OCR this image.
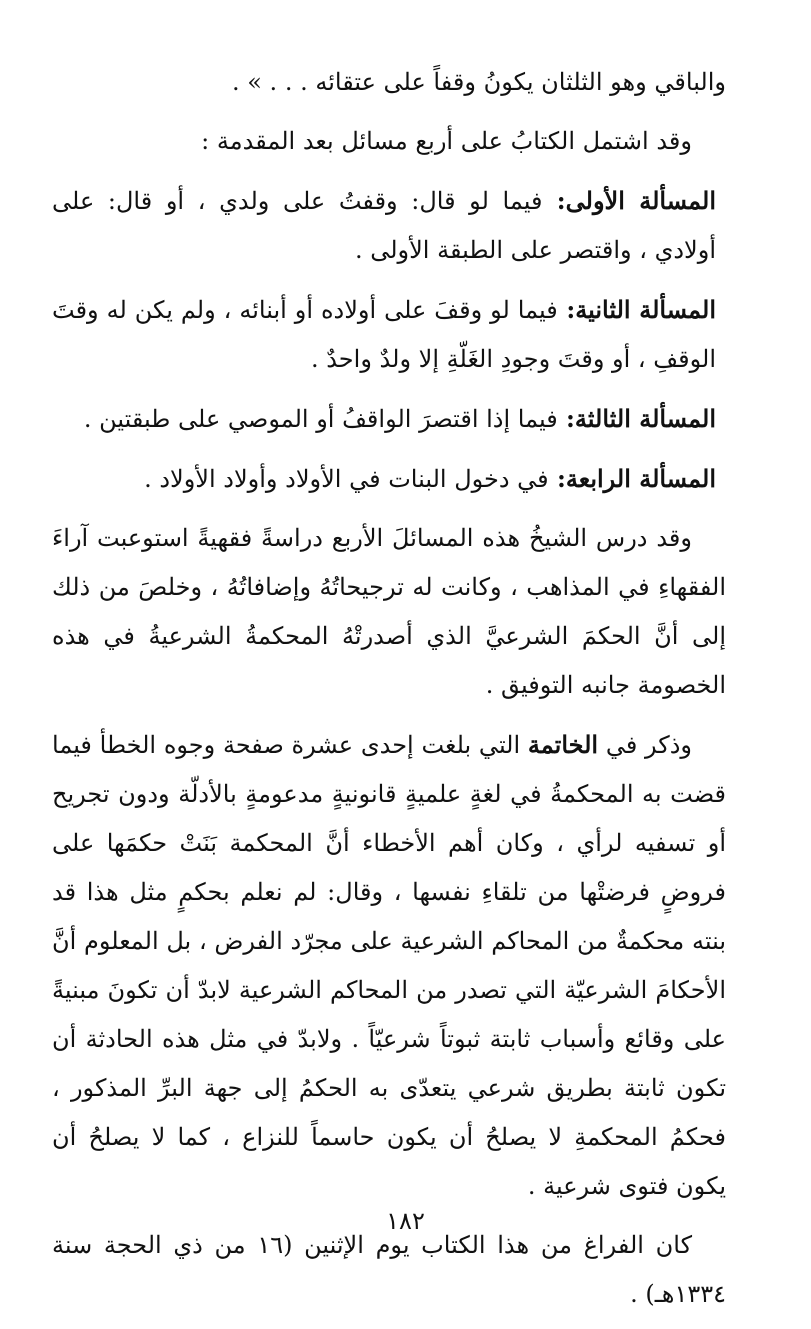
والباقي وهو الثلثان يكونُ وقفاً على عتقائه . . . » .

وقد اشتمل الكتابُ على أربع مسائل بعد المقدمة :

المسألة الأولى: فيما لو قال: وقفتُ على ولدي ، أو قال: على أولادي ، واقتصر على الطبقة الأولى .

المسألة الثانية: فيما لو وقفَ على أولاده أو أبنائه ، ولم يكن له وقتَ الوقفِ ، أو وقتَ وجودِ الغَلّةِ إلا ولدٌ واحدٌ .

المسألة الثالثة: فيما إذا اقتصرَ الواقفُ أو الموصي على طبقتين .

المسألة الرابعة: في دخول البنات في الأولاد وأولاد الأولاد .

وقد درس الشيخُ هذه المسائلَ الأربع دراسةً فقهيةً استوعبت آراءَ الفقهاءِ في المذاهب ، وكانت له ترجيحاتُهُ وإضافاتُهُ ، وخلصَ من ذلك إلى أنَّ الحكمَ الشرعيَّ الذي أصدرتْهُ المحكمةُ الشرعيةُ في هذه الخصومة جانبه التوفيق .

وذكر في الخاتمة التي بلغت إحدى عشرة صفحة وجوه الخطأ فيما قضت به المحكمةُ في لغةٍ علميةٍ قانونيةٍ مدعومةٍ بالأدلّة ودون تجريح أو تسفيه لرأي ، وكان أهم الأخطاء أنَّ المحكمة بَنَتْ حكمَها على فروضٍ فرضتْها من تلقاءِ نفسها ، وقال: لم نعلم بحكمٍ مثل هذا قد بنته محكمةٌ من المحاكم الشرعية على مجرّد الفرض ، بل المعلوم أنَّ الأحكامَ الشرعيّة التي تصدر من المحاكم الشرعية لابدّ أن تكونَ مبنيةً على وقائع وأسباب ثابتة ثبوتاً شرعيّاً . ولابدّ في مثل هذه الحادثة أن تكون ثابتة بطريق شرعي يتعدّى به الحكمُ إلى جهة البرِّ المذكور ، فحكمُ المحكمةِ لا يصلحُ أن يكون حاسماً للنزاع ، كما لا يصلحُ أن يكون فتوى شرعية .

كان الفراغ من هذا الكتاب يوم الإثنين (١٦ من ذي الحجة سنة ١٣٣٤هـ) .

١٨٢
